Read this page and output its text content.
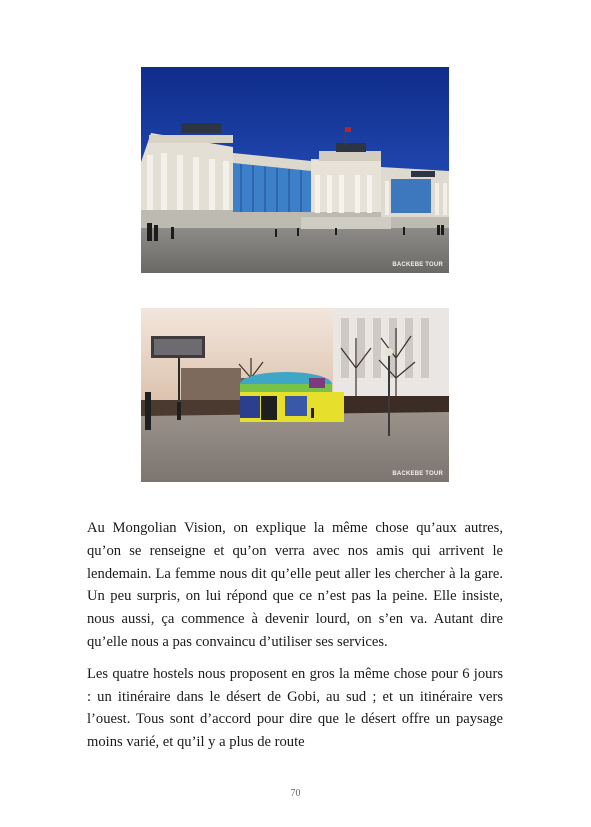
BACKEBE TOUR
BACKEBE TOUR

Au Mongolian Vision, on explique la même chose qu’aux autres, qu’on se renseigne et qu’on verra avec nos amis qui arrivent le lendemain. La femme nous dit qu’elle peut aller les chercher à la gare. Un peu surpris, on lui répond que ce n’est pas la peine. Elle insiste, nous aussi, ça commence à devenir lourd, on s’en va. Autant dire qu’elle nous a pas convaincu d’utiliser ses services.

Les quatre hostels nous proposent en gros la même chose pour 6 jours : un itinéraire dans le désert de Gobi, au sud ; et un itinéraire vers l’ouest. Tous sont d’accord pour dire que le désert offre un paysage moins varié, et qu’il y a plus de route

70
